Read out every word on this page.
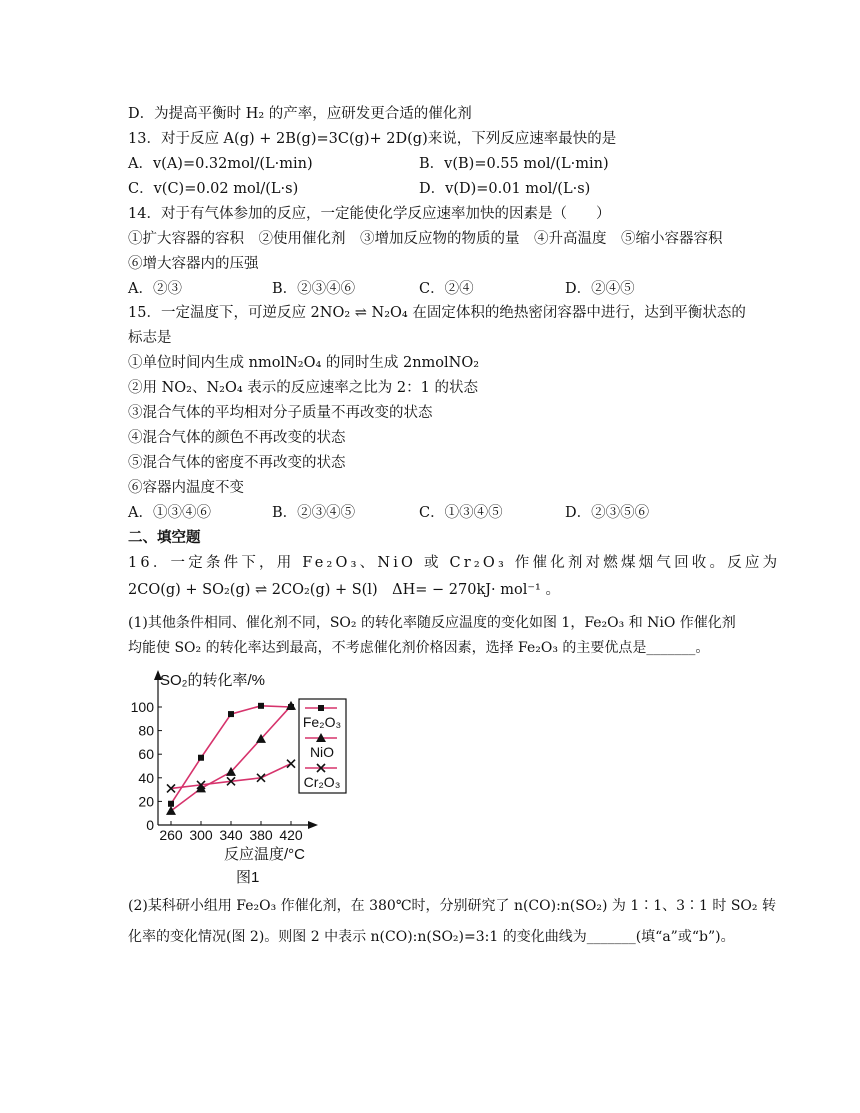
D．为提高平衡时 H₂ 的产率，应研发更合适的催化剂
13．对于反应 A(g) + 2B(g)=3C(g)+ 2D(g)来说，下列反应速率最快的是
A．v(A)=0.32mol/(L·min)	B．v(B)=0.55 mol/(L·min)
C．v(C)=0.02 mol/(L·s)	D．v(D)=0.01 mol/(L·s)
14．对于有气体参加的反应，一定能使化学反应速率加快的因素是（　　）
①扩大容器的容积　②使用催化剂　③增加反应物的物质的量　④升高温度　⑤缩小容器容积
⑥增大容器内的压强
A．②③	B．②③④⑥	C．②④	D．②④⑤
15．一定温度下，可逆反应 2NO₂ ⇌ N₂O₄ 在固定体积的绝热密闭容器中进行，达到平衡状态的
标志是
①单位时间内生成 nmolN₂O₄ 的同时生成 2nmolNO₂
②用 NO₂、N₂O₄ 表示的反应速率之比为 2：1 的状态
③混合气体的平均相对分子质量不再改变的状态
④混合气体的颜色不再改变的状态
⑤混合气体的密度不再改变的状态
⑥容器内温度不变
A．①③④⑥	B．②③④⑤	C．①③④⑤	D．②③⑤⑥
二、填空题
16．一定条件下，用 Fe₂O₃、NiO 或 Cr₂O₃ 作催化剂对燃煤烟气回收。反应为
2CO(g) + SO₂(g) ⇌ 2CO₂(g) + S(l)　ΔH= − 270kJ· mol⁻¹ 。
(1)其他条件相同、催化剂不同，SO₂ 的转化率随反应温度的变化如图 1，Fe₂O₃ 和 NiO 作催化剂
均能使 SO₂ 的转化率达到最高，不考虑催化剂价格因素，选择 Fe₂O₃ 的主要优点是_______。
SO₂的转化率/%
反应温度/°C
图1
0
20
40
60
80
100
260 300 340 380 420
Fe₂O₃
NiO
Cr₂O₃
(2)某科研小组用 Fe₂O₃ 作催化剂，在 380℃时，分别研究了 n(CO):n(SO₂) 为 1∶1、3∶1 时 SO₂ 转
化率的变化情况(图 2)。则图 2 中表示 n(CO):n(SO₂)=3:1 的变化曲线为_______(填“a”或“b”)。
